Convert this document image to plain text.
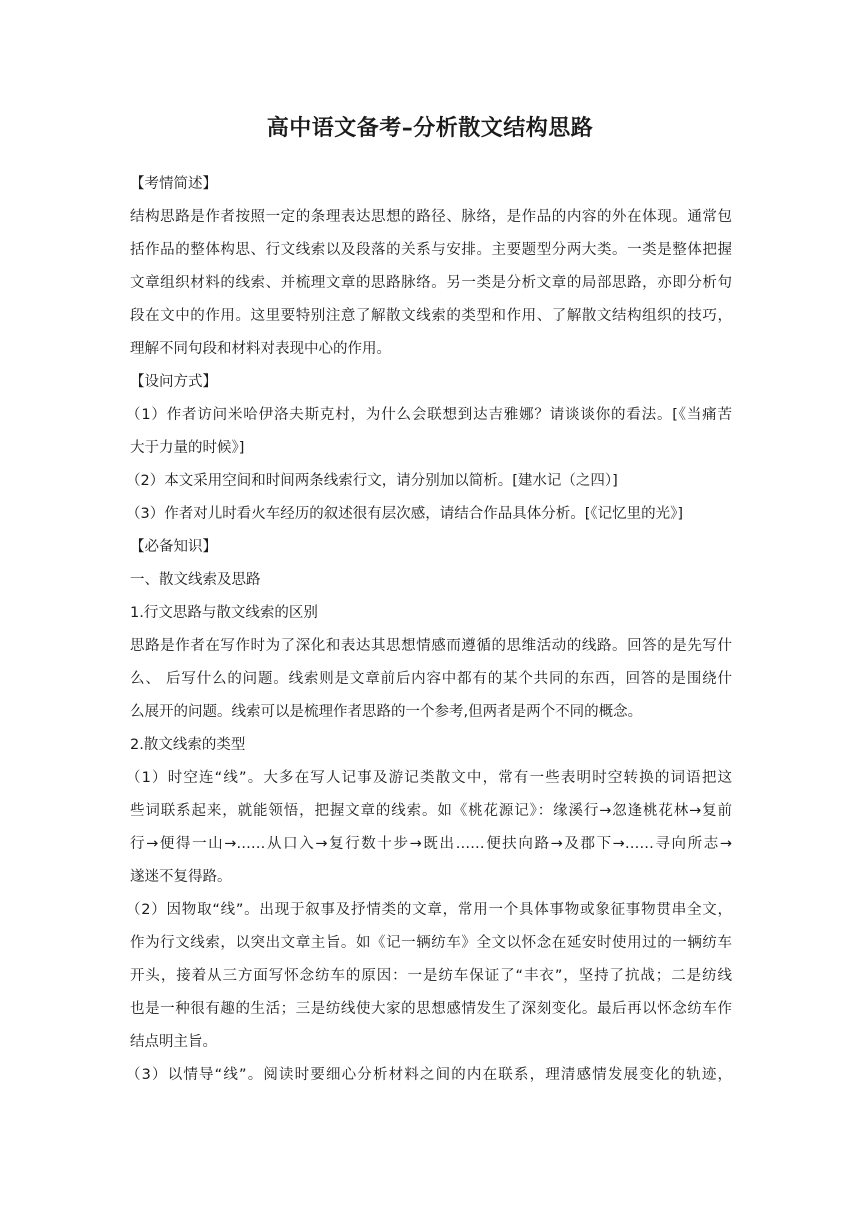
高中语文备考–分析散文结构思路
【考情简述】
结构思路是作者按照一定的条理表达思想的路径、脉络，是作品的内容的外在体现。通常包
括作品的整体构思、行文线索以及段落的关系与安排。主要题型分两大类。一类是整体把握
文章组织材料的线索、并梳理文章的思路脉络。另一类是分析文章的局部思路，亦即分析句
段在文中的作用。这里要特别注意了解散文线索的类型和作用、了解散文结构组织的技巧，
理解不同句段和材料对表现中心的作用。
【设问方式】
（1）作者访问米哈伊洛夫斯克村，为什么会联想到达吉雅娜？请谈谈你的看法。[《当痛苦
大于力量的时候》]
（2）本文采用空间和时间两条线索行文，请分别加以简析。[建水记（之四）]
（3）作者对儿时看火车经历的叙述很有层次感，请结合作品具体分析。[《记忆里的光》]
【必备知识】
一、散文线索及思路
1.行文思路与散文线索的区别
思路是作者在写作时为了深化和表达其思想情感而遵循的思维活动的线路。回答的是先写什
么、 后写什么的问题。线索则是文章前后内容中都有的某个共同的东西，回答的是围绕什
么展开的问题。线索可以是梳理作者思路的一个参考,但两者是两个不同的概念。
2.散文线索的类型
（1）时空连“线”。大多在写人记事及游记类散文中，常有一些表明时空转换的词语把这
些词联系起来，就能领悟，把握文章的线索。如《桃花源记》：缘溪行→忽逢桃花林→复前
行→便得一山→……从口入→复行数十步→既出……便扶向路→及郡下→……寻向所志→
遂迷不复得路。
（2）因物取“线”。出现于叙事及抒情类的文章，常用一个具体事物或象征事物贯串全文，
作为行文线索，以突出文章主旨。如《记一辆纺车》全文以怀念在延安时使用过的一辆纺车
开头，接着从三方面写怀念纺车的原因：一是纺车保证了“丰衣”，坚持了抗战；二是纺线
也是一种很有趣的生活；三是纺线使大家的思想感情发生了深刻变化。最后再以怀念纺车作
结点明主旨。
（3）以情导“线”。阅读时要细心分析材料之间的内在联系，理清感情发展变化的轨迹，
